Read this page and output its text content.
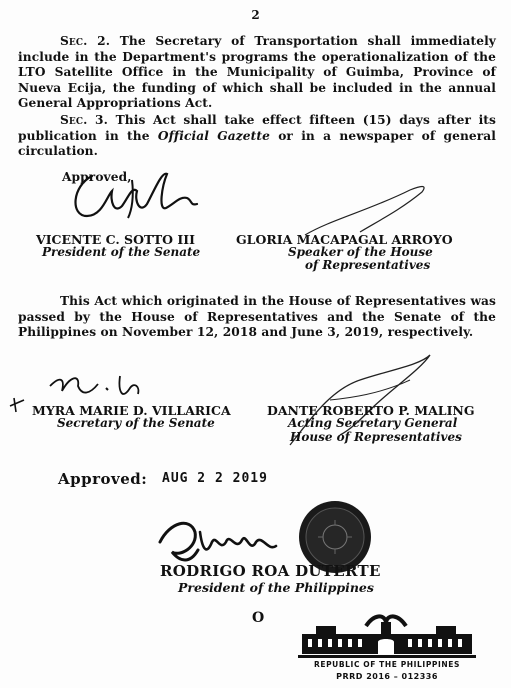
2
Sec. 2. The Secretary of Transportation shall immediately include in the Department's programs the operationalization of the LTO Satellite Office in the Municipality of Guimba, Province of Nueva Ecija, the funding of which shall be included in the annual General Appropriations Act.
Sec. 3. This Act shall take effect fifteen (15) days after its publication in the Official Gazette or in a newspaper of general circulation.
Approved,
VICENTE C. SOTTO III
President of the Senate
GLORIA MACAPAGAL ARROYO
Speaker of the House
of Representatives
This Act which originated in the House of Representatives was passed by the House of Representatives and the Senate of the Philippines on November 12, 2018 and June 3, 2019, respectively.
MYRA MARIE D. VILLARICA
Secretary of the Senate
DANTE ROBERTO P. MALING
Acting Secretary General
House of Representatives
Approved: AUG 2 2 2019
RODRIGO ROA DUTERTE
President of the Philippines
O
REPUBLIC OF THE PHILIPPINES
PRRD 2016 – 012336
